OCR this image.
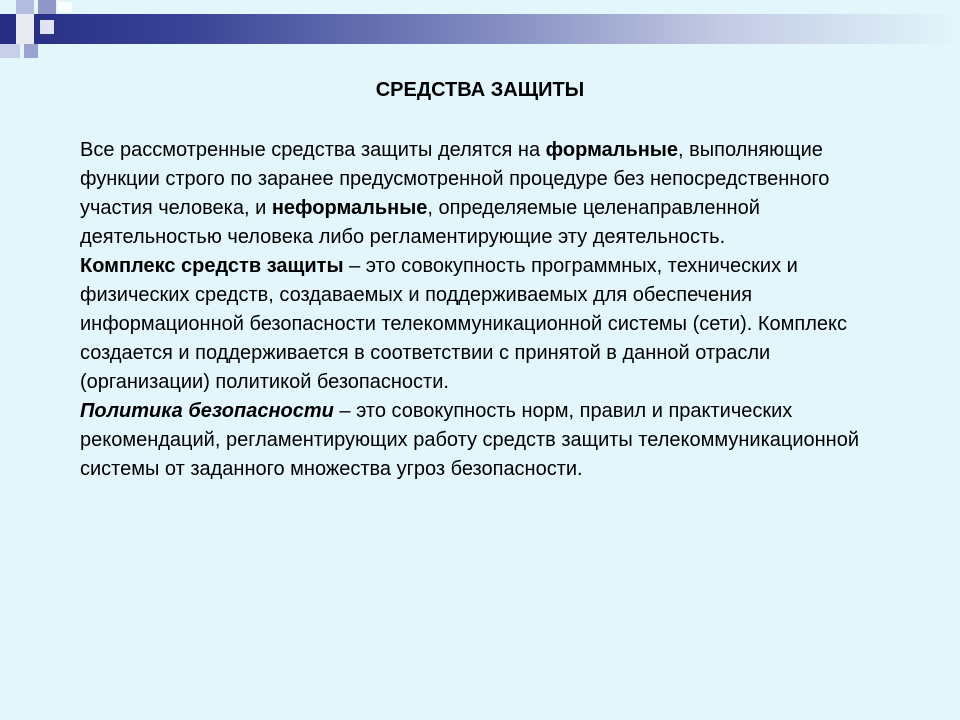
СРЕДСТВА ЗАЩИТЫ

Все рассмотренные средства защиты делятся на формальные, выполняющие функции строго по заранее предусмотренной процедуре без непосредственного участия человека, и неформальные, определяемые целенаправленной деятельностью человека либо регламентирующие эту деятельность.

Комплекс средств защиты – это совокупность программных, технических и физических средств, создаваемых и поддерживаемых для обеспечения информационной безопасности телекоммуникационной системы (сети). Комплекс создается и поддерживается в соответствии с принятой в данной отрасли (организации) политикой безопасности.

Политика безопасности – это совокупность норм, правил и практических рекомендаций, регламентирующих работу средств защиты телекоммуникационной системы от заданного множества угроз безопасности.
